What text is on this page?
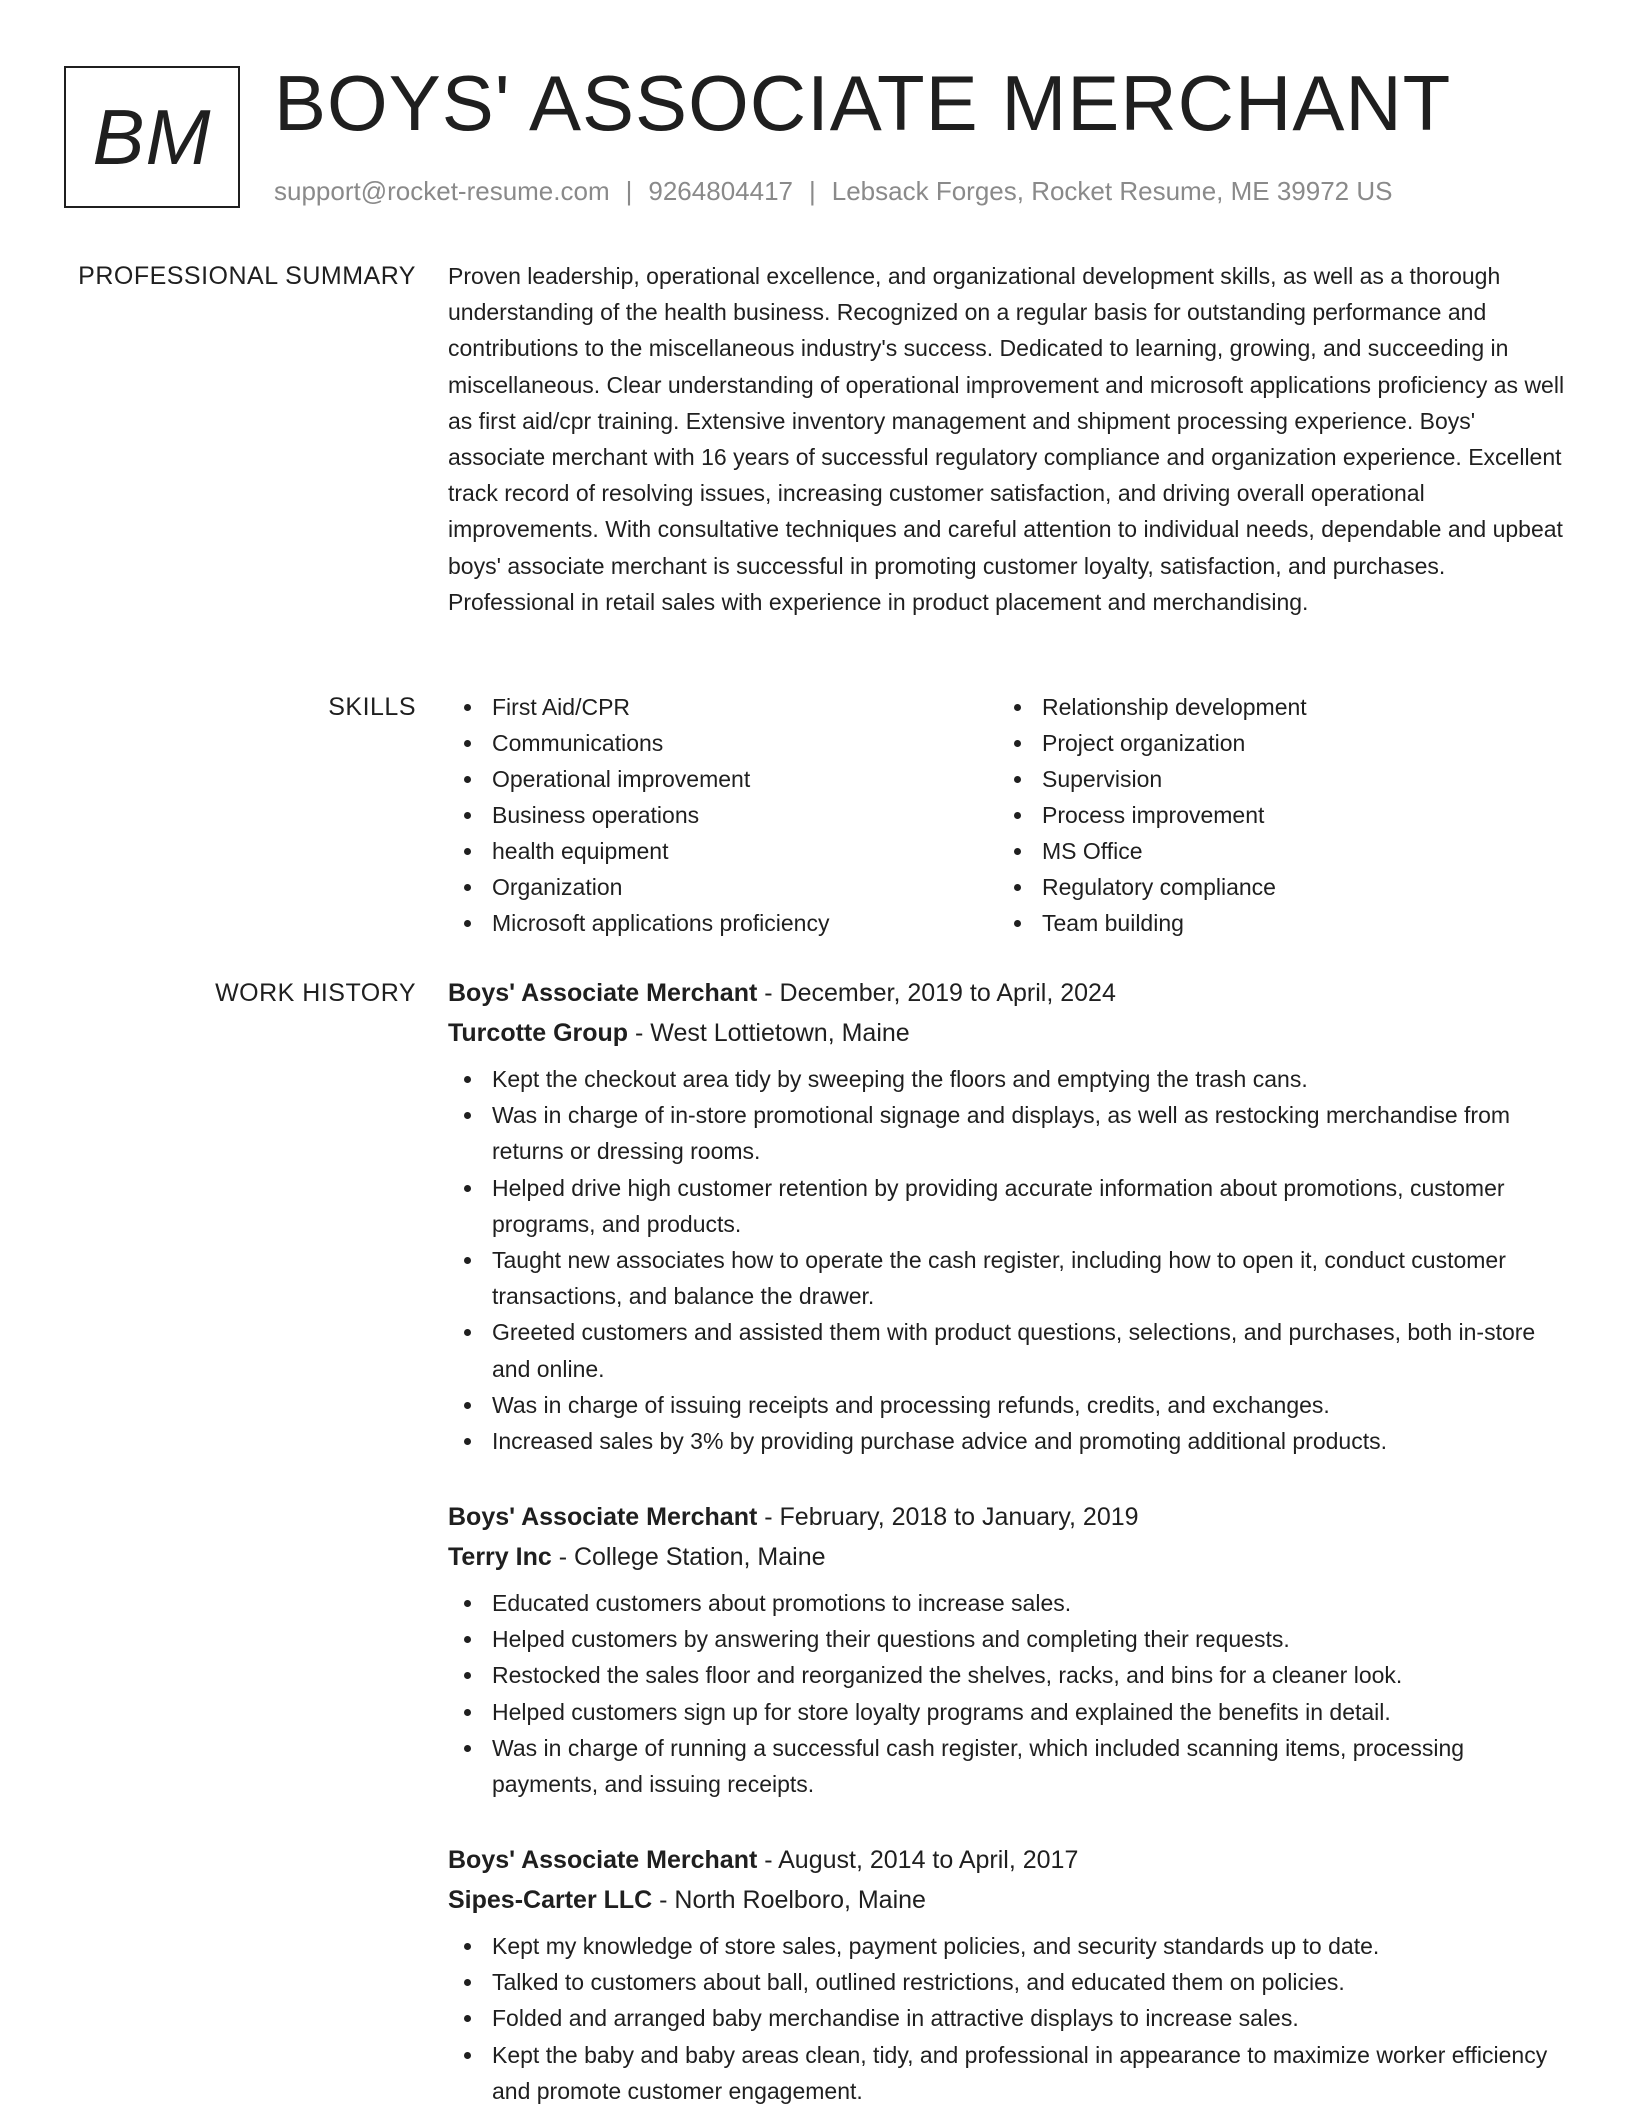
BM BOYS' ASSOCIATE MERCHANT
support@rocket-resume.com | 9264804417 | Lebsack Forges, Rocket Resume, ME 39972 US
PROFESSIONAL SUMMARY Proven leadership, operational excellence, and organizational development skills, as well as a thorough understanding of the health business. Recognized on a regular basis for outstanding performance and contributions to the miscellaneous industry's success. Dedicated to learning, growing, and succeeding in miscellaneous. Clear understanding of operational improvement and microsoft applications proficiency as well as first aid/cpr training. Extensive inventory management and shipment processing experience. Boys' associate merchant with 16 years of successful regulatory compliance and organization experience. Excellent track record of resolving issues, increasing customer satisfaction, and driving overall operational improvements. With consultative techniques and careful attention to individual needs, dependable and upbeat boys' associate merchant is successful in promoting customer loyalty, satisfaction, and purchases. Professional in retail sales with experience in product placement and merchandising.

SKILLS	First Aid/CPR
Communications
Operational improvement
Business operations
health equipment
Organization
Microsoft applications proficiency
Relationship development
Project organization
Supervision
Process improvement
MS Office
Regulatory compliance
Team building
WORK HISTORY Boys' Associate Merchant - December, 2019 to April, 2024
Turcotte Group - West Lottietown, Maine
Kept the checkout area tidy by sweeping the floors and emptying the trash cans.
Was in charge of in-store promotional signage and displays, as well as restocking merchandise from returns or dressing rooms.
Helped drive high customer retention by providing accurate information about promotions, customer programs, and products.
Taught new associates how to operate the cash register, including how to open it, conduct customer transactions, and balance the drawer.
Greeted customers and assisted them with product questions, selections, and purchases, both in-store and online.
Was in charge of issuing receipts and processing refunds, credits, and exchanges.
Increased sales by 3% by providing purchase advice and promoting additional products.
Boys' Associate Merchant - February, 2018 to January, 2019
Terry Inc - College Station, Maine
Educated customers about promotions to increase sales.
Helped customers by answering their questions and completing their requests.
Restocked the sales floor and reorganized the shelves, racks, and bins for a cleaner look.
Helped customers sign up for store loyalty programs and explained the benefits in detail.
Was in charge of running a successful cash register, which included scanning items, processing payments, and issuing receipts.
Boys' Associate Merchant - August, 2014 to April, 2017
Sipes-Carter LLC - North Roelboro, Maine
Kept my knowledge of store sales, payment policies, and security standards up to date.
Talked to customers about ball, outlined restrictions, and educated them on policies.
Folded and arranged baby merchandise in attractive displays to increase sales.
Kept the baby and baby areas clean, tidy, and professional in appearance to maximize worker efficiency and promote customer engagement.
